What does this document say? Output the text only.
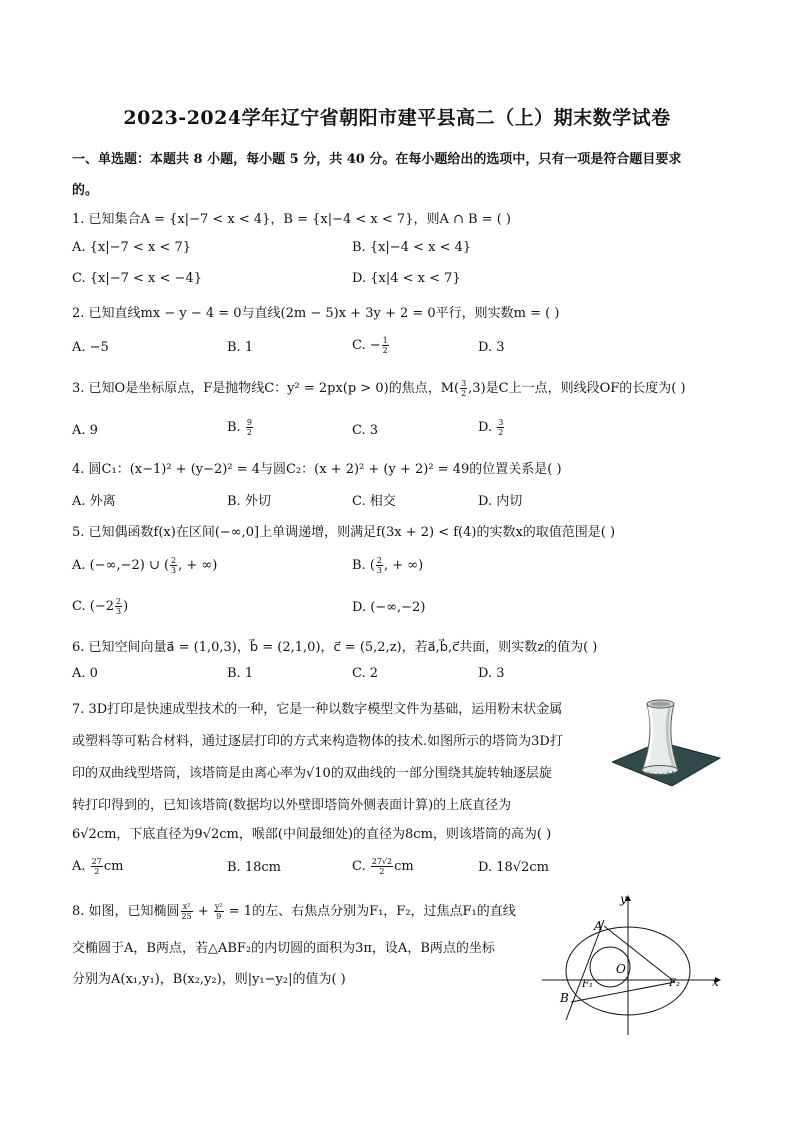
2023-2024学年辽宁省朝阳市建平县高二（上）期末数学试卷
一、单选题：本题共 8 小题，每小题 5 分，共 40 分。在每小题给出的选项中，只有一项是符合题目要求
的。
1. 已知集合A = {x|−7 < x < 4}，B = {x|−4 < x < 7}，则A ∩ B = ( )
A. {x|−7 < x < 7}	B. {x|−4 < x < 4}
C. {x|−7 < x < −4}	D. {x|4 < x < 7}
2. 已知直线mx − y − 4 = 0与直线(2m − 5)x + 3y + 2 = 0平行，则实数m = ( )
A. −5	B. 1	C. − $\frac{1}{2}$	D. 3
3. 已知O是坐标原点，F是抛物线C：y² = 2px(p > 0)的焦点，$M( \frac{3}{2} ,3)$是C上一点，则线段OF的长度为( )
A. 9	B. $\frac{9}{2}$	C. 3	D. $\frac{3}{2}$
4. 圆C₁：(x−1)² + (y−2)² = 4与圆C₂：(x + 2)² + (y + 2)² = 49的位置关系是( )
A. 外离	B. 外切	C. 相交	D. 内切
5. 已知偶函数f(x)在区间(−∞,0]上单调递增，则满足f(3x + 2) < f(4)的实数x的取值范围是( )
A. (−∞,−2) ∪ ( $\frac{2}{3}$ , + ∞)	B. ( $\frac{2}{3}$ , + ∞)
C. ($-2 \frac{2}{3}$ )	D. (−∞,−2)
6. 已知空间向量a⃗ = (1,0,3)，b⃗ = (2,1,0)，c⃗ = (5,2,z)，若a⃗,b⃗,c⃗共面，则实数z的值为( )
A. 0	B. 1	C. 2	D. 3
7. 3D打印是快速成型技术的一种，它是一种以数字模型文件为基础，运用粉末状金属
或塑料等可粘合材料，通过逐层打印的方式来构造物体的技术.如图所示的塔筒为3D打
印的双曲线型塔筒，该塔筒是由离心率为√10的双曲线的一部分围绕其旋转轴逐层旋
转打印得到的，已知该塔筒(数据均以外壁即塔筒外侧表面计算)的上底直径为
6√2cm，下底直径为9√2cm，喉部(中间最细处)的直径为8cm，则该塔筒的高为( )
A. $\frac{27}{2}$ cm	B. 18cm	C. $\frac{27√2}{2}$ cm	D. 18√2cm
8. 如图，已知椭圆 $\frac{\text{x²}}{25} + \frac{\text{y²}}{9} = 1$的左、右焦点分别为F₁，F₂，过焦点F₁的直线
交椭圆于A，B两点，若△ABF₂的内切圆的面积为3π，设A，B两点的坐标
分别为A(x₁,y₁)，B(x₂,y₂)，则|y₁−y₂|的值为( )
A
B
O
F₁	F₂
y
x
